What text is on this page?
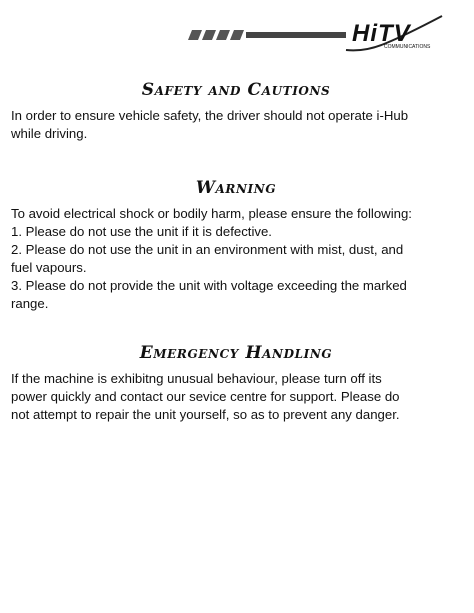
HiTV
COMMUNICATIONS
Safety and Cautions
In order to ensure vehicle safety, the driver should not operate i-Hub
while driving.
Warning
To avoid electrical shock or bodily harm, please ensure the following:
1. Please do not use the unit if it is defective.
2. Please do not use the unit in an environment with mist, dust, and
fuel vapours.
3. Please do not provide the unit with voltage exceeding the marked
range.
Emergency Handling
If the machine is exhibitng unusual behaviour, please turn off its
power quickly and contact our sevice centre for support. Please do
not attempt to repair the unit yourself, so as to prevent any danger.
